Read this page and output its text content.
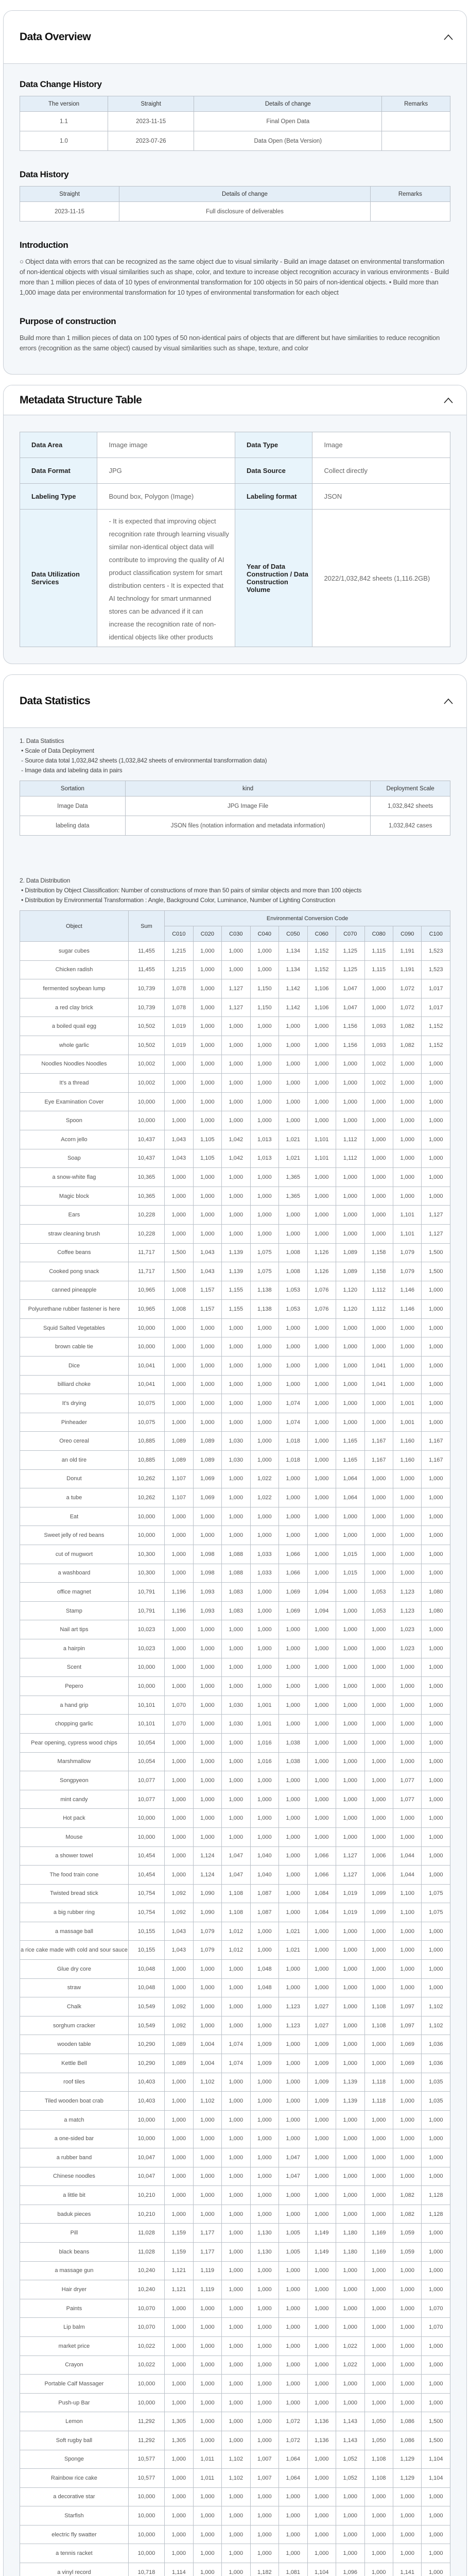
Data Overview
Data Change History
The version	Straight	Details of change	Remarks
1.1	2023-11-15	Final Open Data	
1.0	2023-07-26	Data Open (Beta Version)	
Data History
Straight	Details of change	Remarks
2023-11-15	Full disclosure of deliverables	
Introduction

○ Object data with errors that can be recognized as the same object due to visual similarity - Build an image dataset on environmental transformation of non-identical objects with visual similarities such as shape, color, and texture to increase object recognition accuracy in various environments - Build more than 1 million pieces of data of 10 types of environmental transformation for 100 objects in 50 pairs of non-identical objects. • Build more than 1,000 image data per environmental transformation for 10 types of environmental transformation for each object

Purpose of construction

Build more than 1 million pieces of data on 100 types of 50 non-identical pairs of objects that are different but have similarities to reduce recognition errors (recognition as the same object) caused by visual similarities such as shape, texture, and color

Metadata Structure Table
Data Area	Image image	Data Type	Image
Data Format	JPG	Data Source	Collect directly
Labeling Type	Bound box, Polygon (Image)	Labeling format	JSON
Data Utilization Services	- It is expected that improving object recognition rate through learning visually similar non-identical object data will contribute to improving the quality of AI product classification system for smart distribution centers - It is expected that AI technology for smart unmanned stores can be advanced if it can increase the recognition rate of non-identical objects like other products	Year of Data Construction / Data Construction Volume	2022/1,032,842 sheets (1,116.2GB)
Data Statistics
1. Data Statistics
• Scale of Data Deployment
- Source data total 1,032,842 sheets (1,032,842 sheets of environmental transformation data)
- Image data and labeling data in pairs
Sortation	kind	Deployment Scale
Image Data	JPG Image File	1,032,842 sheets
labeling data	JSON files (notation information and metadata information)	1,032,842 cases
2. Data Distribution
• Distribution by Object Classification: Number of constructions of more than 50 pairs of similar objects and more than 100 objects
• Distribution by Environmental Transformation : Angle, Background Color, Luminance, Number of Lighting Construction
Object	Sum	Environmental Conversion Code									
		C010	C020	C030	C040	C050	C060	C070	C080	C090	C100
sugar cubes	11,455	1,215	1,000	1,000	1,000	1,134	1,152	1,125	1,115	1,191	1,523
Chicken radish	11,455	1,215	1,000	1,000	1,000	1,134	1,152	1,125	1,115	1,191	1,523
fermented soybean lump	10,739	1,078	1,000	1,127	1,150	1,142	1,106	1,047	1,000	1,072	1,017
a red clay brick	10,739	1,078	1,000	1,127	1,150	1,142	1,106	1,047	1,000	1,072	1,017
a boiled quail egg	10,502	1,019	1,000	1,000	1,000	1,000	1,000	1,156	1,093	1,082	1,152
whole garlic	10,502	1,019	1,000	1,000	1,000	1,000	1,000	1,156	1,093	1,082	1,152
Noodles Noodles Noodles	10,002	1,000	1,000	1,000	1,000	1,000	1,000	1,000	1,002	1,000	1,000
It's a thread	10,002	1,000	1,000	1,000	1,000	1,000	1,000	1,000	1,002	1,000	1,000
Eye Examination Cover	10,000	1,000	1,000	1,000	1,000	1,000	1,000	1,000	1,000	1,000	1,000
Spoon	10,000	1,000	1,000	1,000	1,000	1,000	1,000	1,000	1,000	1,000	1,000
Acorn jello	10,437	1,043	1,105	1,042	1,013	1,021	1,101	1,112	1,000	1,000	1,000
Soap	10,437	1,043	1,105	1,042	1,013	1,021	1,101	1,112	1,000	1,000	1,000
a snow-white flag	10,365	1,000	1,000	1,000	1,000	1,365	1,000	1,000	1,000	1,000	1,000
Magic block	10,365	1,000	1,000	1,000	1,000	1,365	1,000	1,000	1,000	1,000	1,000
Ears	10,228	1,000	1,000	1,000	1,000	1,000	1,000	1,000	1,000	1,101	1,127
straw cleaning brush	10,228	1,000	1,000	1,000	1,000	1,000	1,000	1,000	1,000	1,101	1,127
Coffee beans	11,717	1,500	1,043	1,139	1,075	1,008	1,126	1,089	1,158	1,079	1,500
Cooked pong snack	11,717	1,500	1,043	1,139	1,075	1,008	1,126	1,089	1,158	1,079	1,500
canned pineapple	10,965	1,008	1,157	1,155	1,138	1,053	1,076	1,120	1,112	1,146	1,000
Polyurethane rubber fastener is here	10,965	1,008	1,157	1,155	1,138	1,053	1,076	1,120	1,112	1,146	1,000
Squid Salted Vegetables	10,000	1,000	1,000	1,000	1,000	1,000	1,000	1,000	1,000	1,000	1,000
brown cable tie	10,000	1,000	1,000	1,000	1,000	1,000	1,000	1,000	1,000	1,000	1,000
Dice	10,041	1,000	1,000	1,000	1,000	1,000	1,000	1,000	1,041	1,000	1,000
billiard choke	10,041	1,000	1,000	1,000	1,000	1,000	1,000	1,000	1,041	1,000	1,000
It's drying	10,075	1,000	1,000	1,000	1,000	1,074	1,000	1,000	1,000	1,001	1,000
Pinheader	10,075	1,000	1,000	1,000	1,000	1,074	1,000	1,000	1,000	1,001	1,000
Oreo cereal	10,885	1,089	1,089	1,030	1,000	1,018	1,000	1,165	1,167	1,160	1,167
an old tire	10,885	1,089	1,089	1,030	1,000	1,018	1,000	1,165	1,167	1,160	1,167
Donut	10,262	1,107	1,069	1,000	1,022	1,000	1,000	1,064	1,000	1,000	1,000
a tube	10,262	1,107	1,069	1,000	1,022	1,000	1,000	1,064	1,000	1,000	1,000
Eat	10,000	1,000	1,000	1,000	1,000	1,000	1,000	1,000	1,000	1,000	1,000
Sweet jelly of red beans	10,000	1,000	1,000	1,000	1,000	1,000	1,000	1,000	1,000	1,000	1,000
cut of mugwort	10,300	1,000	1,098	1,088	1,033	1,066	1,000	1,015	1,000	1,000	1,000
a washboard	10,300	1,000	1,098	1,088	1,033	1,066	1,000	1,015	1,000	1,000	1,000
office magnet	10,791	1,196	1,093	1,083	1,000	1,069	1,094	1,000	1,053	1,123	1,080
Stamp	10,791	1,196	1,093	1,083	1,000	1,069	1,094	1,000	1,053	1,123	1,080
Nail art tips	10,023	1,000	1,000	1,000	1,000	1,000	1,000	1,000	1,000	1,023	1,000
a hairpin	10,023	1,000	1,000	1,000	1,000	1,000	1,000	1,000	1,000	1,023	1,000
Scent	10,000	1,000	1,000	1,000	1,000	1,000	1,000	1,000	1,000	1,000	1,000
Pepero	10,000	1,000	1,000	1,000	1,000	1,000	1,000	1,000	1,000	1,000	1,000
a hand grip	10,101	1,070	1,000	1,030	1,001	1,000	1,000	1,000	1,000	1,000	1,000
chopping garlic	10,101	1,070	1,000	1,030	1,001	1,000	1,000	1,000	1,000	1,000	1,000
Pear opening, cypress wood chips	10,054	1,000	1,000	1,000	1,016	1,038	1,000	1,000	1,000	1,000	1,000
Marshmallow	10,054	1,000	1,000	1,000	1,016	1,038	1,000	1,000	1,000	1,000	1,000
Songpyeon	10,077	1,000	1,000	1,000	1,000	1,000	1,000	1,000	1,000	1,077	1,000
mint candy	10,077	1,000	1,000	1,000	1,000	1,000	1,000	1,000	1,000	1,077	1,000
Hot pack	10,000	1,000	1,000	1,000	1,000	1,000	1,000	1,000	1,000	1,000	1,000
Mouse	10,000	1,000	1,000	1,000	1,000	1,000	1,000	1,000	1,000	1,000	1,000
a shower towel	10,454	1,000	1,124	1,047	1,040	1,000	1,066	1,127	1,006	1,044	1,000
The food train cone	10,454	1,000	1,124	1,047	1,040	1,000	1,066	1,127	1,006	1,044	1,000
Twisted bread stick	10,754	1,092	1,090	1,108	1,087	1,000	1,084	1,019	1,099	1,100	1,075
a big rubber ring	10,754	1,092	1,090	1,108	1,087	1,000	1,084	1,019	1,099	1,100	1,075
a massage ball	10,155	1,043	1,079	1,012	1,000	1,021	1,000	1,000	1,000	1,000	1,000
a rice cake made with cold and sour sauce	10,155	1,043	1,079	1,012	1,000	1,021	1,000	1,000	1,000	1,000	1,000
Glue dry core	10,048	1,000	1,000	1,000	1,048	1,000	1,000	1,000	1,000	1,000	1,000
straw	10,048	1,000	1,000	1,000	1,048	1,000	1,000	1,000	1,000	1,000	1,000
Chalk	10,549	1,092	1,000	1,000	1,000	1,123	1,027	1,000	1,108	1,097	1,102
sorghum cracker	10,549	1,092	1,000	1,000	1,000	1,123	1,027	1,000	1,108	1,097	1,102
wooden table	10,290	1,089	1,004	1,074	1,009	1,000	1,009	1,000	1,000	1,069	1,036
Kettle Bell	10,290	1,089	1,004	1,074	1,009	1,000	1,009	1,000	1,000	1,069	1,036
roof tiles	10,403	1,000	1,102	1,000	1,000	1,000	1,009	1,139	1,118	1,000	1,035
Tiled wooden boat crab	10,403	1,000	1,102	1,000	1,000	1,000	1,009	1,139	1,118	1,000	1,035
a match	10,000	1,000	1,000	1,000	1,000	1,000	1,000	1,000	1,000	1,000	1,000
a one-sided bar	10,000	1,000	1,000	1,000	1,000	1,000	1,000	1,000	1,000	1,000	1,000
a rubber band	10,047	1,000	1,000	1,000	1,000	1,047	1,000	1,000	1,000	1,000	1,000
Chinese noodles	10,047	1,000	1,000	1,000	1,000	1,047	1,000	1,000	1,000	1,000	1,000
a little bit	10,210	1,000	1,000	1,000	1,000	1,000	1,000	1,000	1,000	1,082	1,128
baduk pieces	10,210	1,000	1,000	1,000	1,000	1,000	1,000	1,000	1,000	1,082	1,128
Pill	11,028	1,159	1,177	1,000	1,130	1,005	1,149	1,180	1,169	1,059	1,000
black beans	11,028	1,159	1,177	1,000	1,130	1,005	1,149	1,180	1,169	1,059	1,000
a massage gun	10,240	1,121	1,119	1,000	1,000	1,000	1,000	1,000	1,000	1,000	1,000
Hair dryer	10,240	1,121	1,119	1,000	1,000	1,000	1,000	1,000	1,000	1,000	1,000
Paints	10,070	1,000	1,000	1,000	1,000	1,000	1,000	1,000	1,000	1,000	1,070
Lip balm	10,070	1,000	1,000	1,000	1,000	1,000	1,000	1,000	1,000	1,000	1,070
market price	10,022	1,000	1,000	1,000	1,000	1,000	1,000	1,022	1,000	1,000	1,000
Crayon	10,022	1,000	1,000	1,000	1,000	1,000	1,000	1,022	1,000	1,000	1,000
Portable Calf Massager	10,000	1,000	1,000	1,000	1,000	1,000	1,000	1,000	1,000	1,000	1,000
Push-up Bar	10,000	1,000	1,000	1,000	1,000	1,000	1,000	1,000	1,000	1,000	1,000
Lemon	11,292	1,305	1,000	1,000	1,000	1,072	1,136	1,143	1,050	1,086	1,500
Soft rugby ball	11,292	1,305	1,000	1,000	1,000	1,072	1,136	1,143	1,050	1,086	1,500
Sponge	10,577	1,000	1,011	1,102	1,007	1,064	1,000	1,052	1,108	1,129	1,104
Rainbow rice cake	10,577	1,000	1,011	1,102	1,007	1,064	1,000	1,052	1,108	1,129	1,104
a decorative star	10,000	1,000	1,000	1,000	1,000	1,000	1,000	1,000	1,000	1,000	1,000
Starfish	10,000	1,000	1,000	1,000	1,000	1,000	1,000	1,000	1,000	1,000	1,000
electric fly swatter	10,000	1,000	1,000	1,000	1,000	1,000	1,000	1,000	1,000	1,000	1,000
a tennis racket	10,000	1,000	1,000	1,000	1,000	1,000	1,000	1,000	1,000	1,000	1,000
a vinyl record	10,718	1,114	1,000	1,000	1,182	1,081	1,104	1,096	1,000	1,141	1,000
